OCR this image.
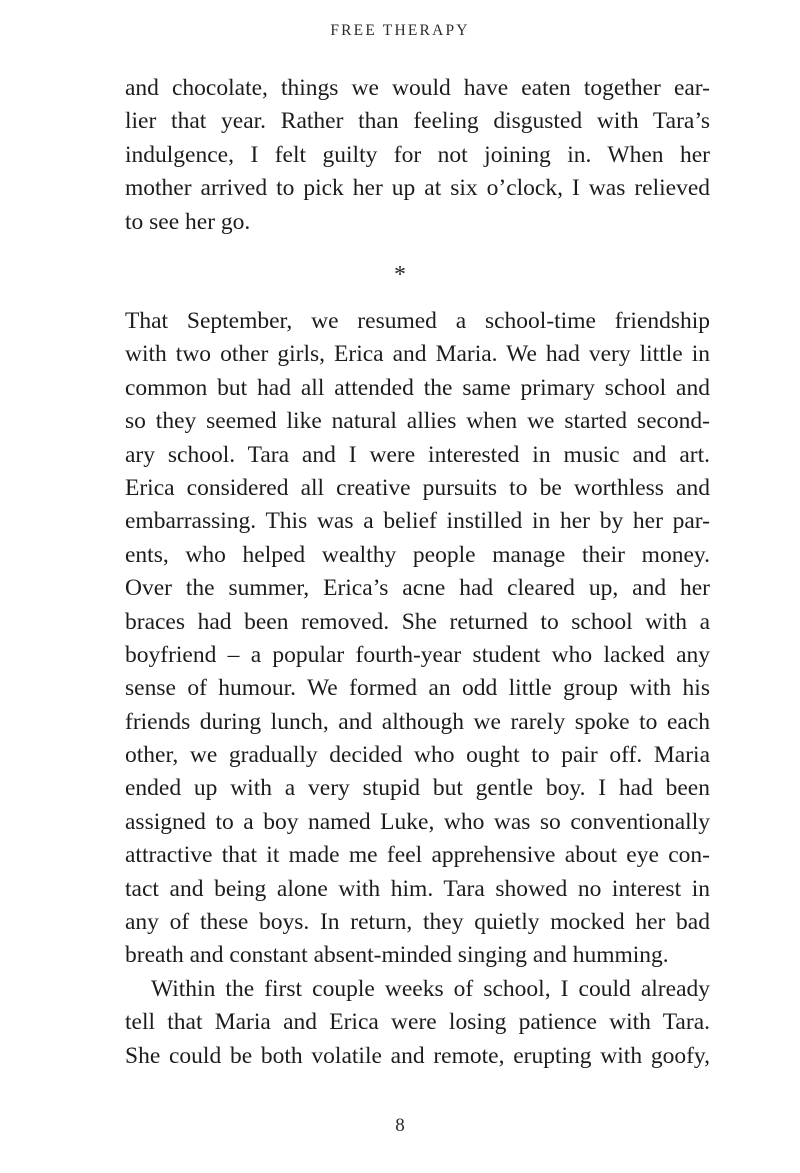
FREE THERAPY
and chocolate, things we would have eaten together ear-
lier that year. Rather than feeling disgusted with Tara’s
indulgence, I felt guilty for not joining in. When her
mother arrived to pick her up at six o’clock, I was relieved
to see her go.
*
That September, we resumed a school-time friendship
with two other girls, Erica and Maria. We had very little in
common but had all attended the same primary school and
so they seemed like natural allies when we started second-
ary school. Tara and I were interested in music and art.
Erica considered all creative pursuits to be worthless and
embarrassing. This was a belief instilled in her by her par-
ents, who helped wealthy people manage their money.
Over the summer, Erica’s acne had cleared up, and her
braces had been removed. She returned to school with a
boyfriend – a popular fourth-year student who lacked any
sense of humour. We formed an odd little group with his
friends during lunch, and although we rarely spoke to each
other, we gradually decided who ought to pair off. Maria
ended up with a very stupid but gentle boy. I had been
assigned to a boy named Luke, who was so conventionally
attractive that it made me feel apprehensive about eye con-
tact and being alone with him. Tara showed no interest in
any of these boys. In return, they quietly mocked her bad
breath and constant absent-minded singing and humming.
Within the first couple weeks of school, I could already
tell that Maria and Erica were losing patience with Tara.
She could be both volatile and remote, erupting with goofy,
8
